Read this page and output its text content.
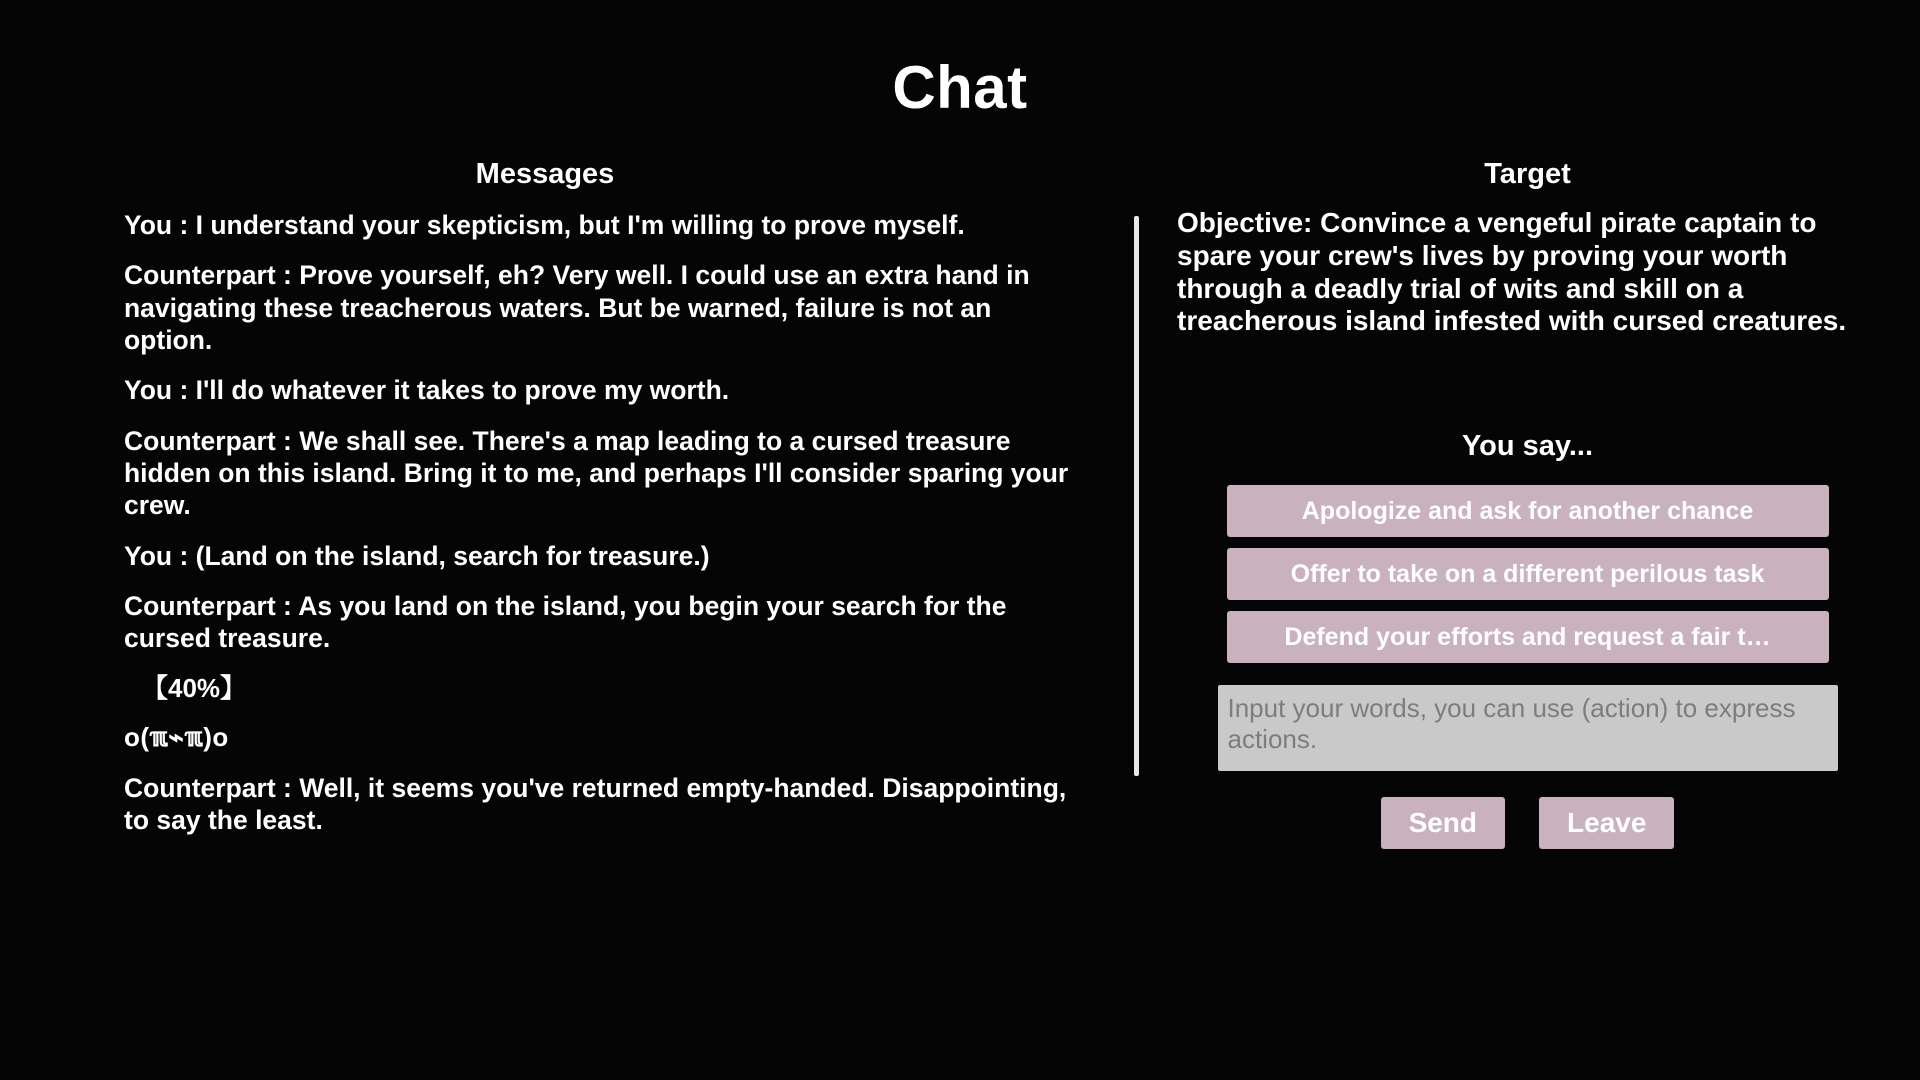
Chat
Messages
You : I understand your skepticism, but I'm willing to prove myself.
Counterpart : Prove yourself, eh? Very well. I could use an extra hand in navigating these treacherous waters. But be warned, failure is not an option.
You : I'll do whatever it takes to prove my worth.
Counterpart : We shall see. There's a map leading to a cursed treasure hidden on this island. Bring it to me, and perhaps I'll consider sparing your crew.
You : (Land on the island, search for treasure.)
Counterpart : As you land on the island, you begin your search for the cursed treasure.
【40%】
o(ℼ⌁ℼ)o
Counterpart : Well, it seems you've returned empty-handed. Disappointing, to say the least.
Target
Objective: Convince a vengeful pirate captain to spare your crew's lives by proving your worth through a deadly trial of wits and skill on a treacherous island infested with cursed creatures.
You say...
Apologize and ask for another chance
Offer to take on a different perilous task
Defend your efforts and request a fair t…
Input your words, you can use (action) to express actions.
Send	Leave
